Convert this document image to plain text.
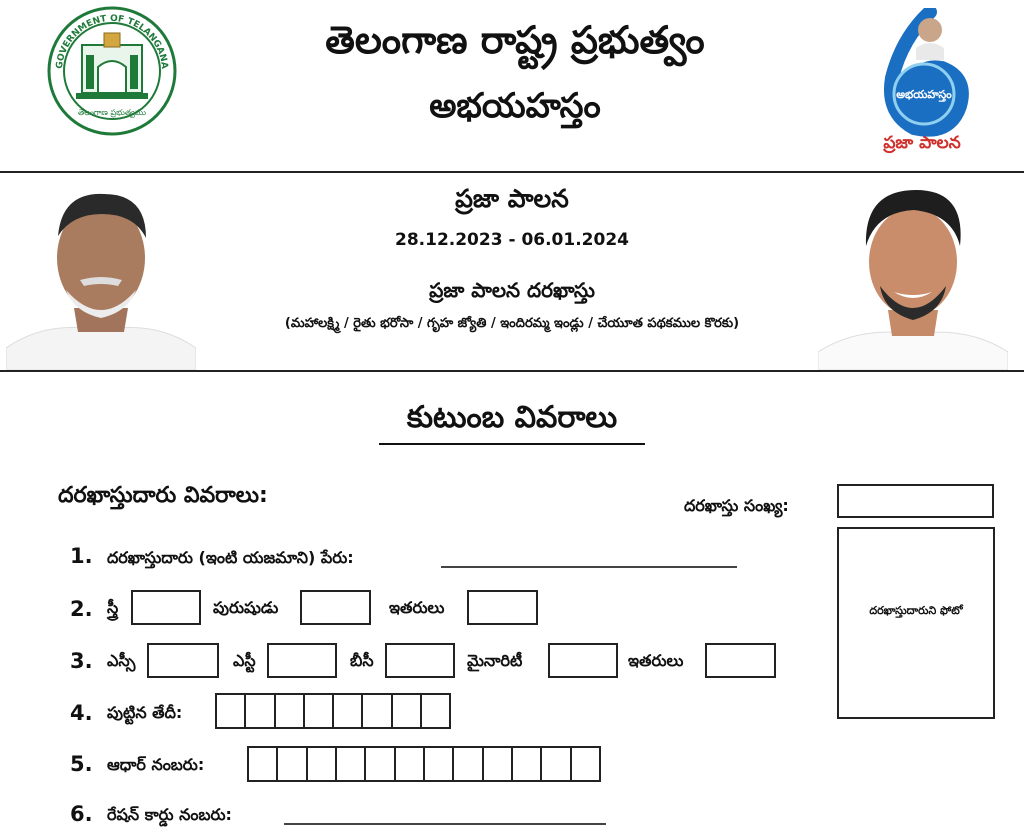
GOVERNMENT OF TELANGANA
తెలంగాణ ప్రభుత్వము
తెలంగాణ రాష్ట్ర ప్రభుత్వం
అభయహస్తం	అభయహస్తం
ప్రజా పాలన
ప్రజా పాలన
28.12.2023 - 06.01.2024
ప్రజా పాలన దరఖాస్తు
(మహాలక్ష్మి / రైతు భరోసా / గృహ జ్యోతి / ఇందిరమ్మ ఇండ్లు / చేయూత పథకముల కొరకు)
కుటుంబ వివరాలు
దరఖాస్తుదారు వివరాలు:	దరఖాస్తు సంఖ్య:
దరఖాస్తుదారుని ఫోటో
1. దరఖాస్తుదారు (ఇంటి యజమాని) పేరు:
2. స్త్రీ	పురుషుడు	ఇతరులు
3. ఎస్సీ	ఎస్టీ	బీసీ	మైనారిటీ	ఇతరులు
4. పుట్టిన తేదీ:
5. ఆధార్ నంబరు:
6. రేషన్ కార్డు నంబరు:
